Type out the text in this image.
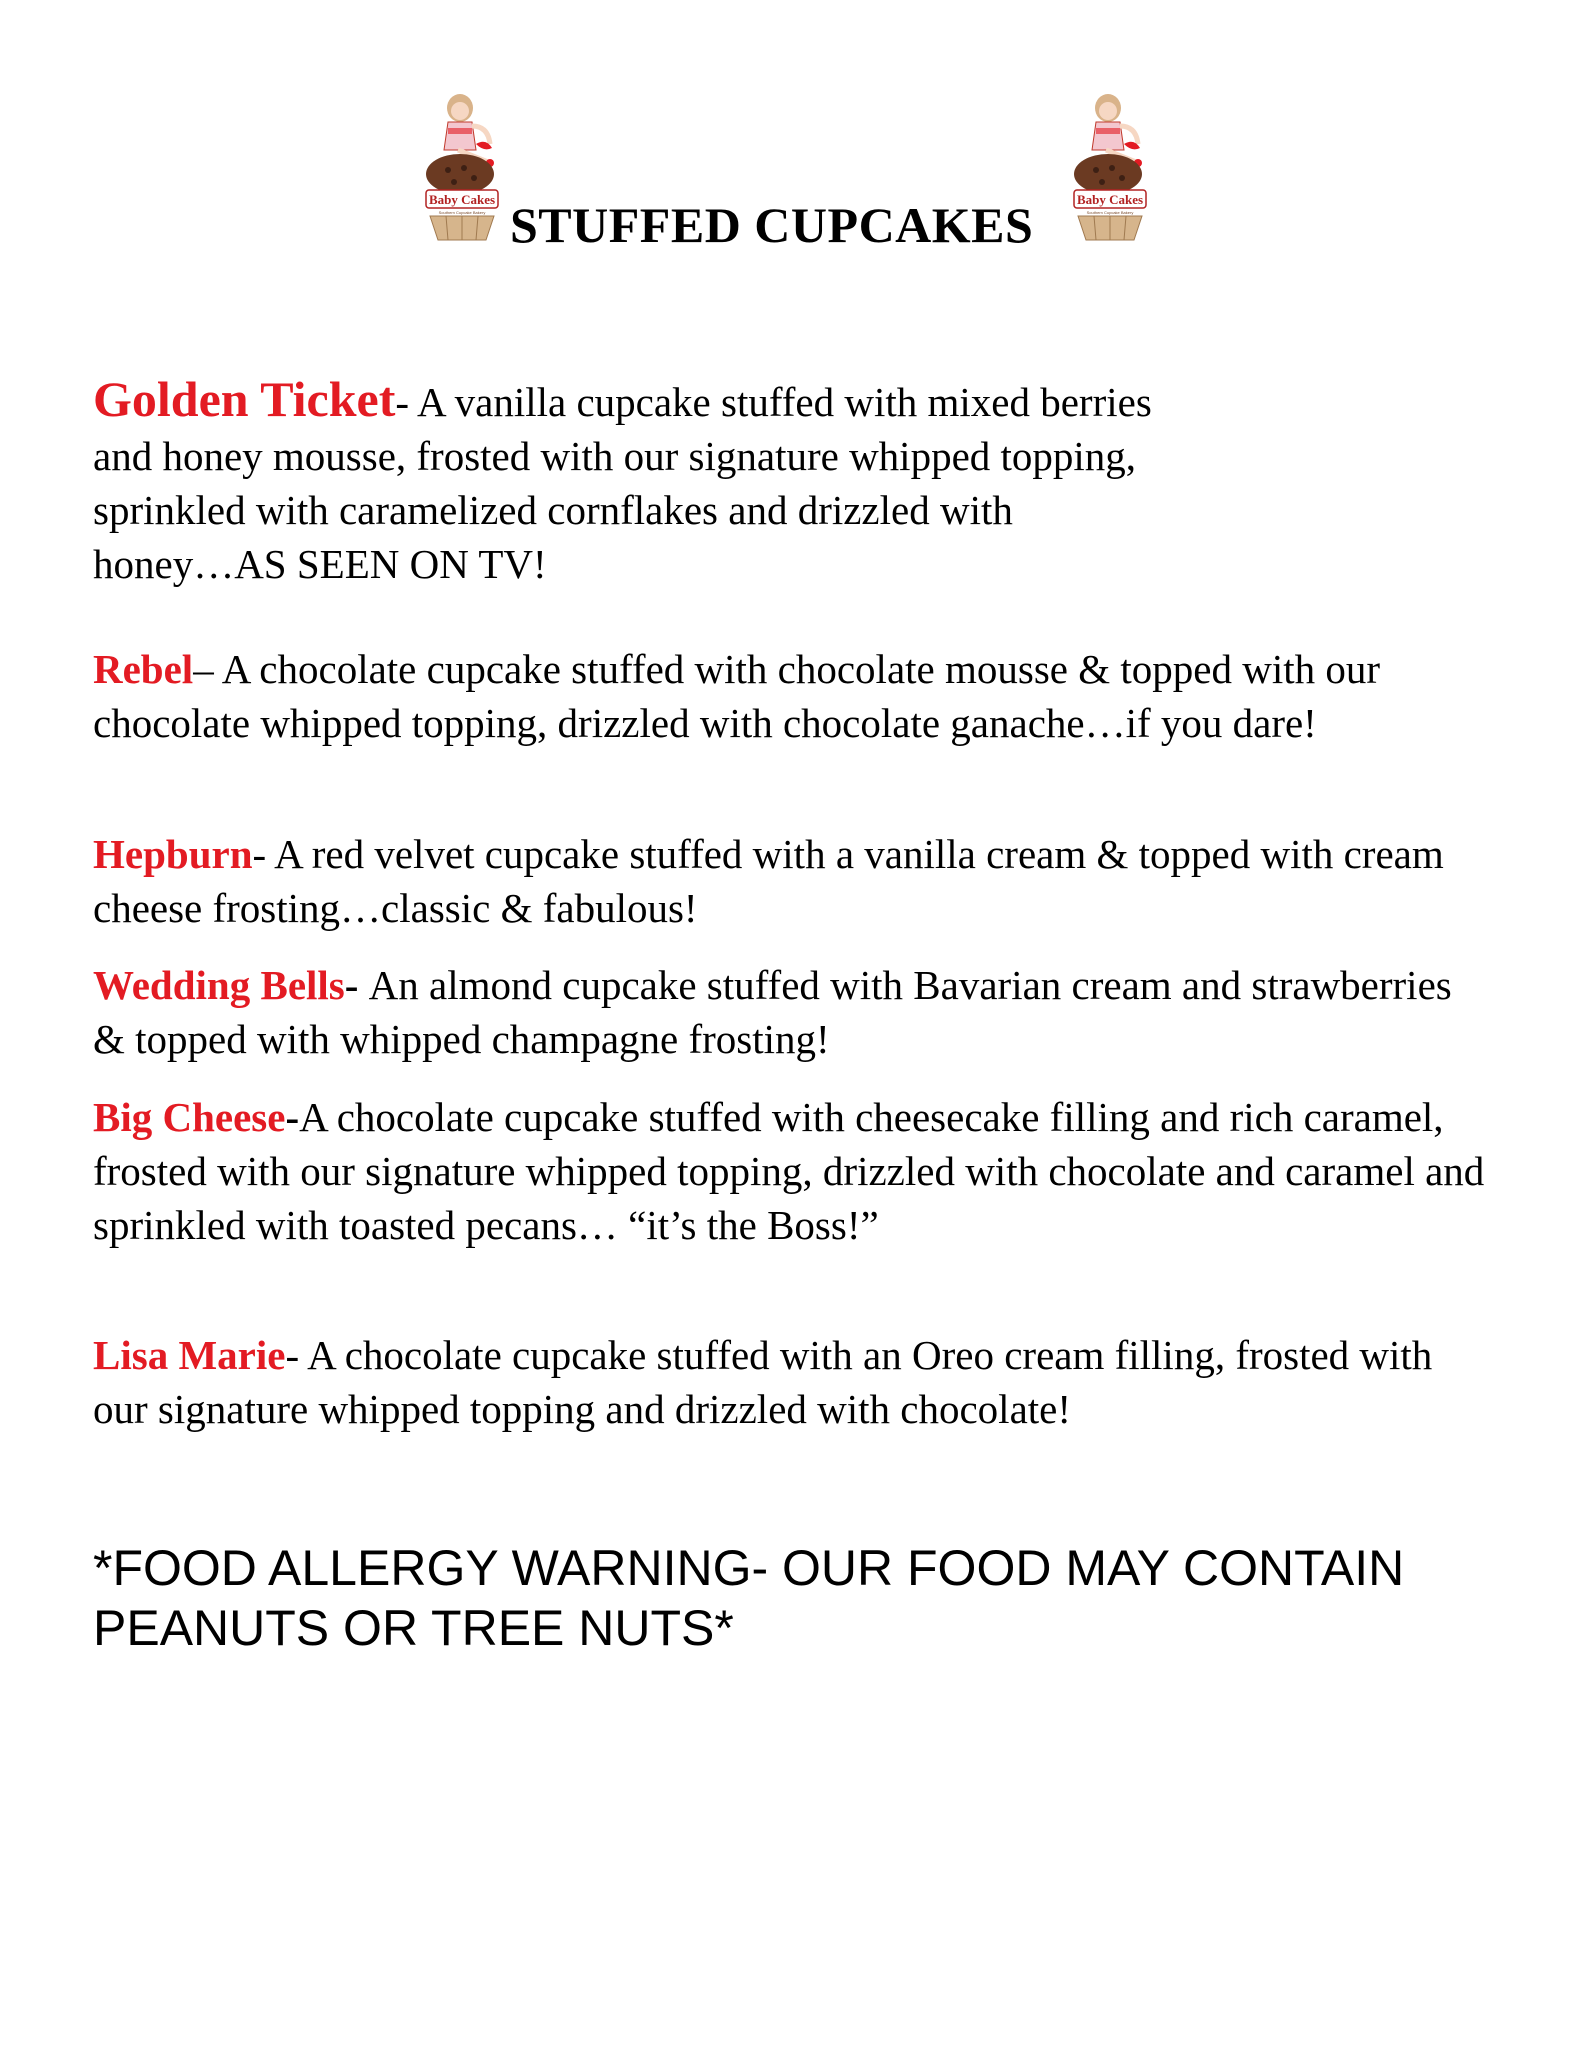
Baby Cakes
Southern Cupcake Bakery
Baby Cakes
Southern Cupcake Bakery
STUFFED CUPCAKES
Golden Ticket- A vanilla cupcake stuffed with mixed berries
and honey mousse, frosted with our signature whipped topping,
sprinkled with caramelized cornflakes and drizzled with
honey…AS SEEN ON TV!
Rebel– A chocolate cupcake stuffed with chocolate mousse & topped with our chocolate whipped topping, drizzled with chocolate ganache…if you dare!
Hepburn- A red velvet cupcake stuffed with a vanilla cream & topped with cream cheese frosting…classic & fabulous!
Wedding Bells- An almond cupcake stuffed with Bavarian cream and strawberries & topped with whipped champagne frosting!
Big Cheese-A chocolate cupcake stuffed with cheesecake filling and rich caramel, frosted with our signature whipped topping, drizzled with chocolate and caramel and sprinkled with toasted pecans… “it’s the Boss!”
Lisa Marie- A chocolate cupcake stuffed with an Oreo cream filling, frosted with our signature whipped topping and drizzled with chocolate!
*FOOD ALLERGY WARNING- OUR FOOD MAY CONTAIN PEANUTS OR TREE NUTS*
